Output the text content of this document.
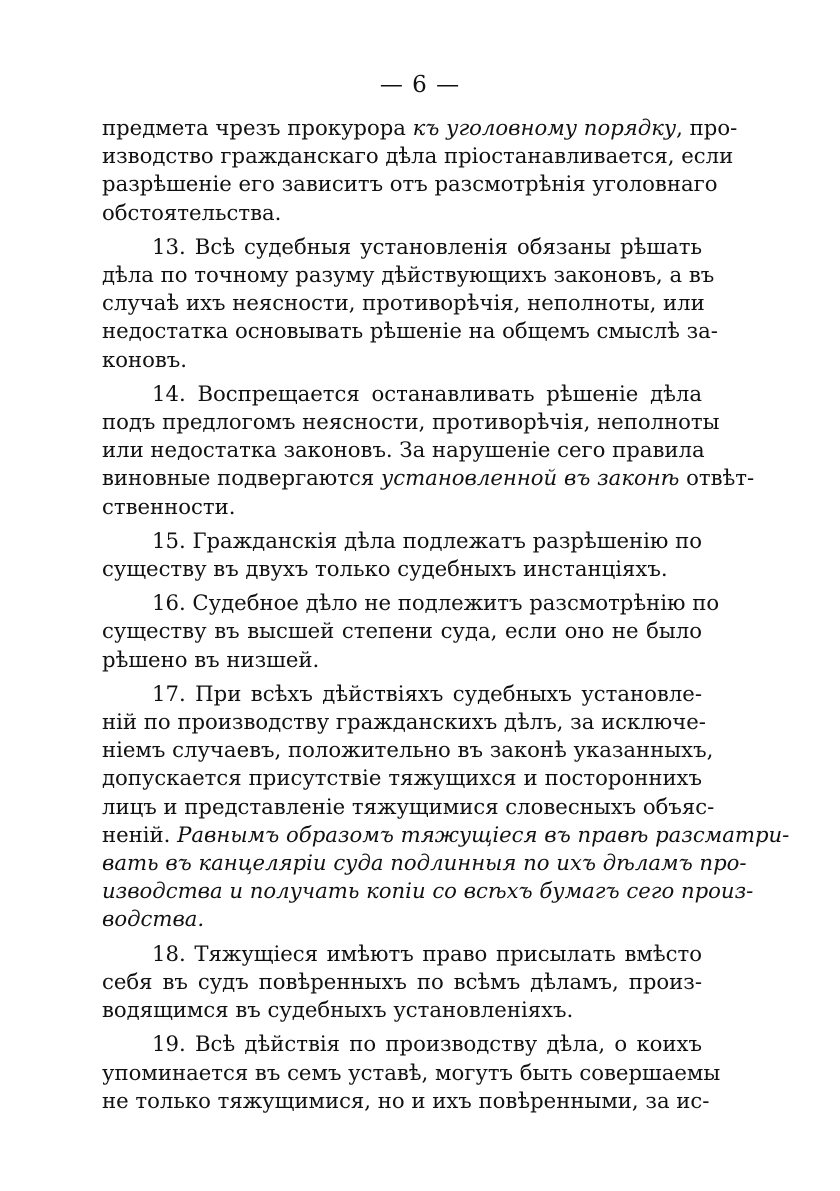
— 6 —
предмета чрезъ прокурора къ уголовному порядку, про-
изводство гражданскаго дѣла пріостанавливается, если
разрѣшеніе его зависитъ отъ разсмотрѣнія уголовнаго
обстоятельства.
13. Всѣ судебныя установленія обязаны рѣшать
дѣла по точному разуму дѣйствующихъ законовъ, а въ
случаѣ ихъ неясности, противорѣчія, неполноты, или
недостатка основывать рѣшеніе на общемъ смыслѣ за-
коновъ.
14. Воспрещается останавливать рѣшеніе дѣла
подъ предлогомъ неясности, противорѣчія, неполноты
или недостатка законовъ. За нарушеніе сего правила
виновные подвергаются установленной въ законѣ отвѣт-
ственности.
15. Гражданскія дѣла подлежатъ разрѣшенію по
существу въ двухъ только судебныхъ инстанціяхъ.
16. Судебное дѣло не подлежитъ разсмотрѣнію по
существу въ высшей степени суда, если оно не было
рѣшено въ низшей.
17. При всѣхъ дѣйствіяхъ судебныхъ установле-
ній по производству гражданскихъ дѣлъ, за исключе-
ніемъ случаевъ, положительно въ законѣ указанныхъ,
допускается присутствіе тяжущихся и постороннихъ
лицъ и представленіе тяжущимися словесныхъ объяс-
неній. Равнымъ образомъ тяжущіеся въ правѣ разсматри-
вать въ канцеляріи суда подлинныя по ихъ дѣламъ про-
изводства и получать копіи со всѣхъ бумагъ сего произ-
водства.
18. Тяжущіеся имѣютъ право присылать вмѣсто
себя въ судъ повѣренныхъ по всѣмъ дѣламъ, произ-
водящимся въ судебныхъ установленіяхъ.
19. Всѣ дѣйствія по производству дѣла, о коихъ
упоминается въ семъ уставѣ, могутъ быть совершаемы
не только тяжущимися, но и ихъ повѣренными, за ис-
